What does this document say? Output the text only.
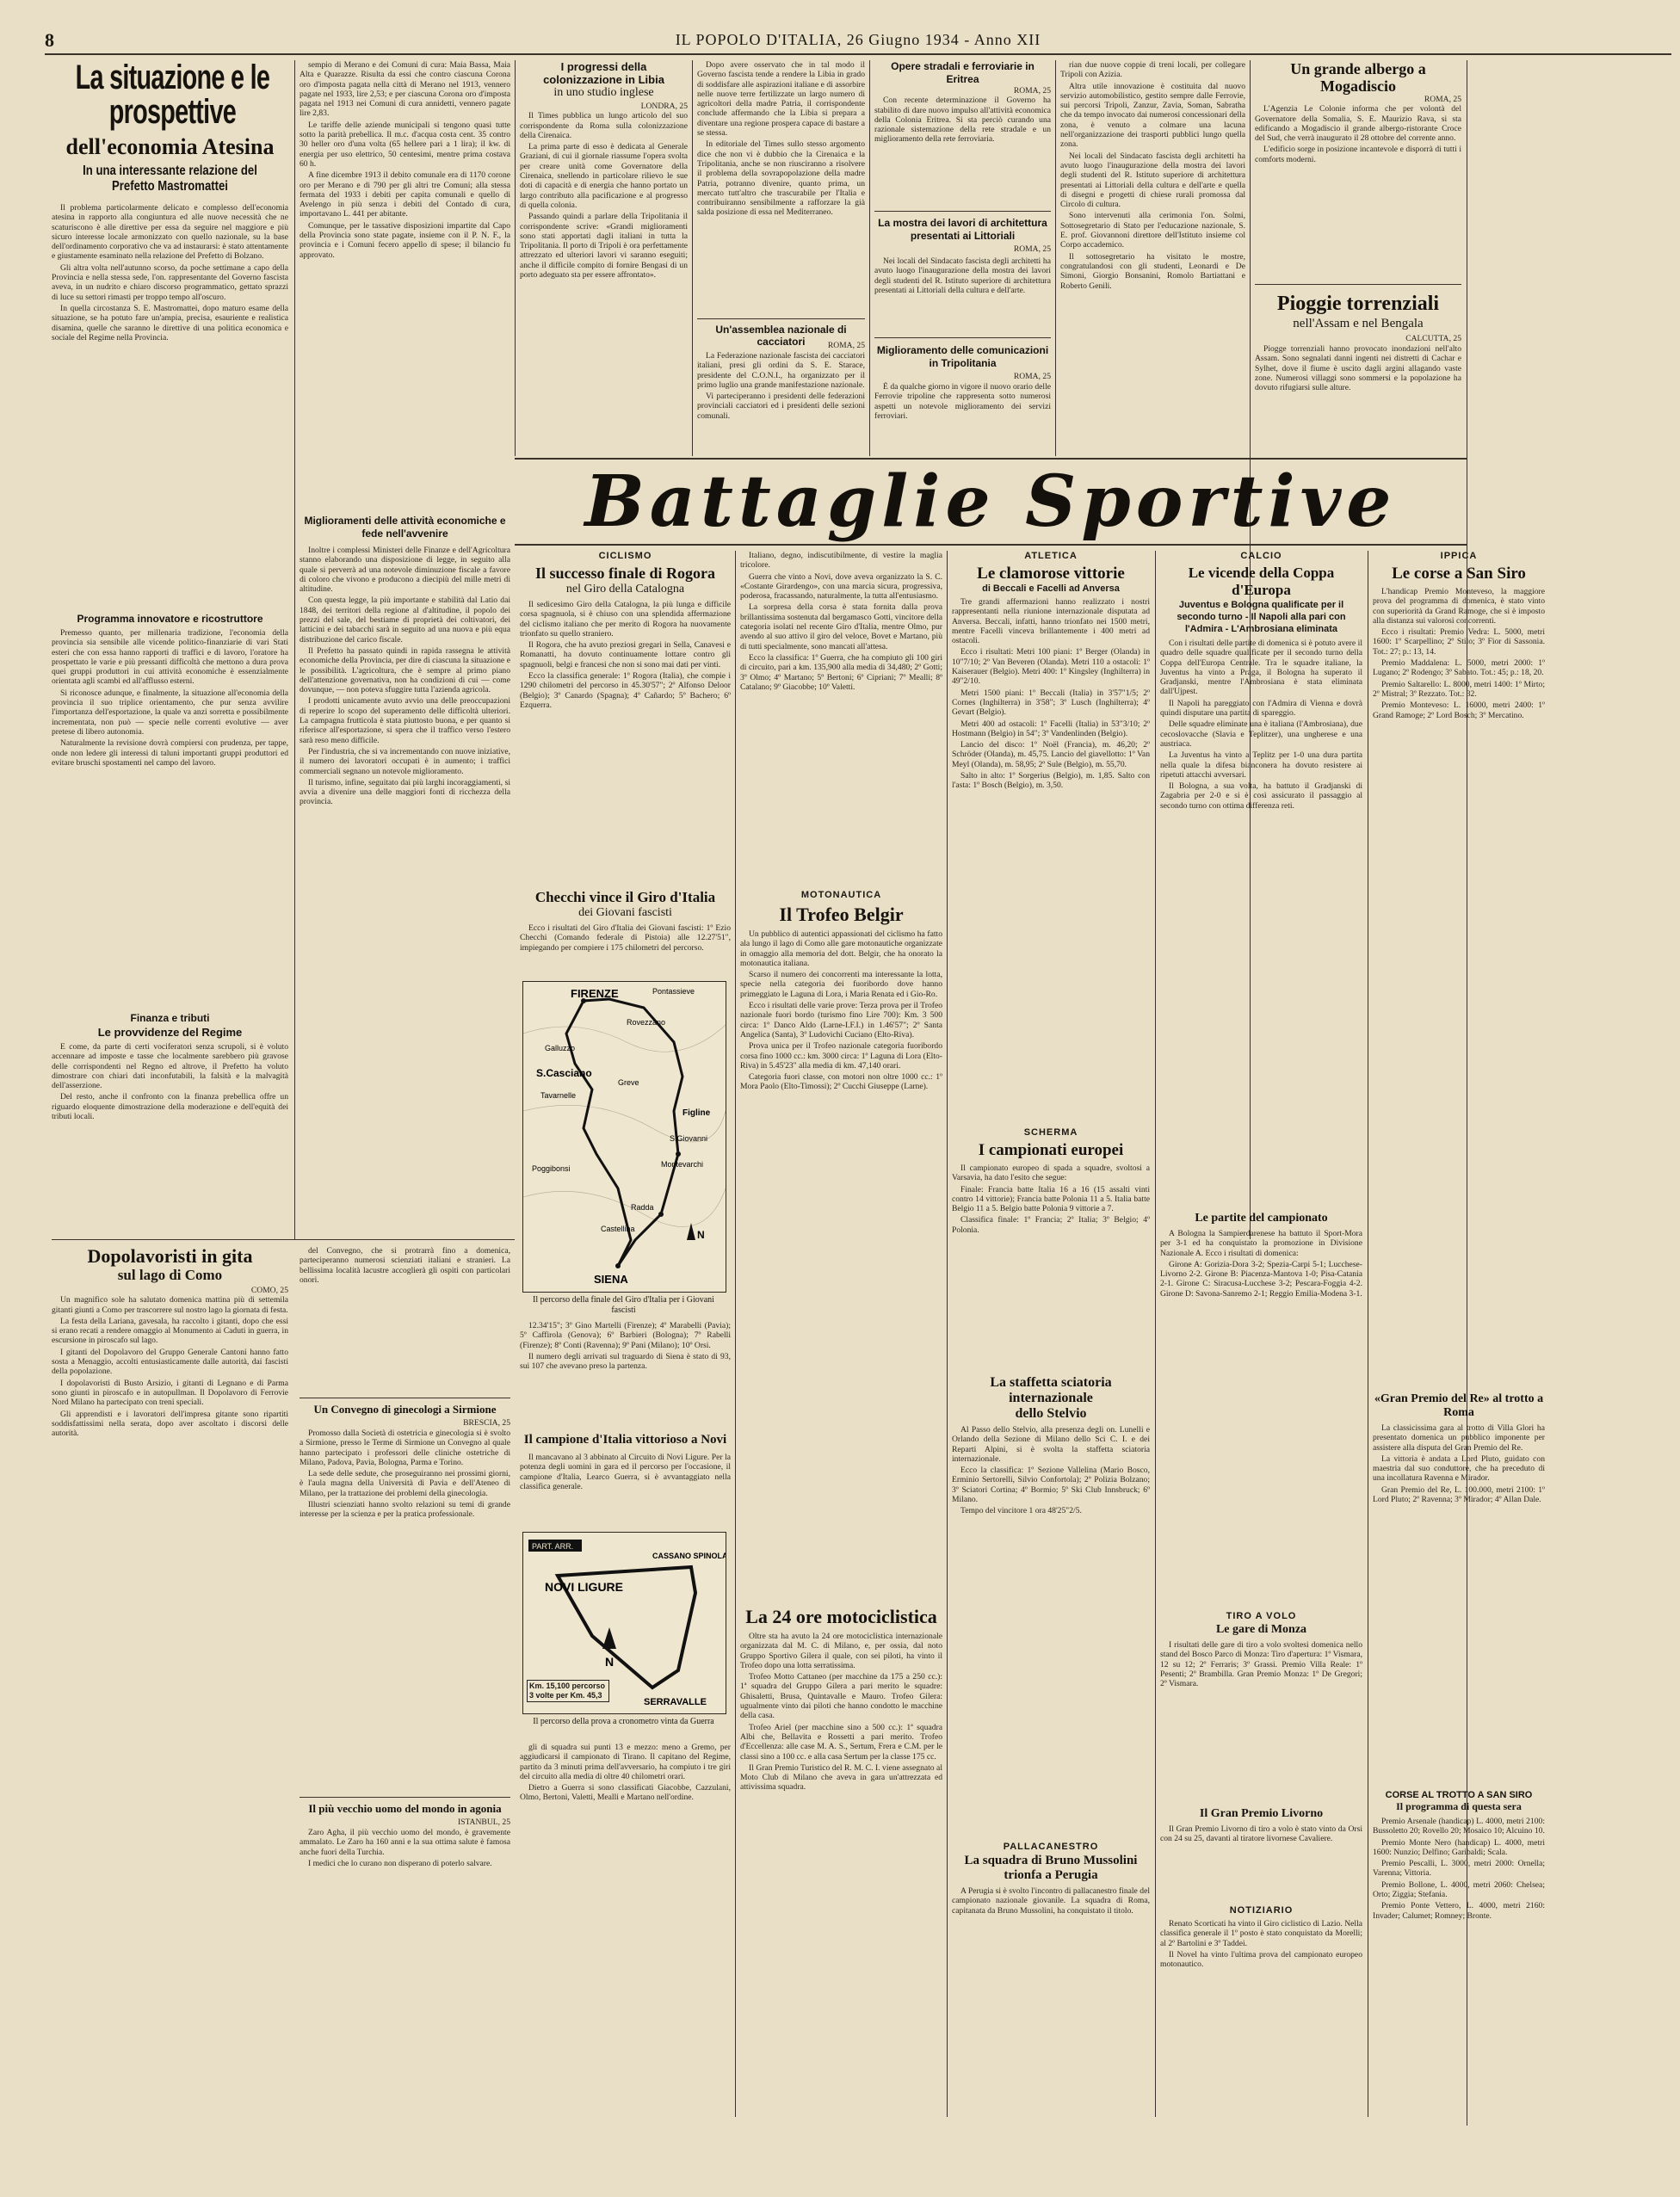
8	IL POPOLO D'ITALIA, 26 Giugno 1934 - Anno XII
La situazione e le prospettive
dell'economia Atesina
In una interessante relazione del Prefetto Mastromattei

Il problema particolarmente delicato e complesso dell'economia atesina in rapporto alla congiuntura ed alle nuove necessità che ne scaturiscono è alle direttive per essa da seguire nel maggiore e più sicuro interesse locale armonizzato con quello nazionale, su la base dell'ordinamento corporativo che va ad instaurarsi: è stato attentamente e giustamente esaminato nella relazione del Prefetto di Bolzano.

Gli altra volta nell'autunno scorso, da poche settimane a capo della Provincia e nella stessa sede, l'on. rappresentante del Governo fascista aveva, in un nudrito e chiaro discorso programmatico, gettato sprazzi di luce su settori rimasti per troppo tempo all'oscuro.

In quella circostanza S. E. Mastromattei, dopo maturo esame della situazione, se ha potuto fare un'ampia, precisa, esauriente e realistica disamina, quelle che saranno le direttive di una politica economica e sociale del Regime nella Provincia.

Programma innovatore e ricostruttore

Premesso quanto, per millenaria tradizione, l'economia della provincia sia sensibile alle vicende politico-finanziarie di vari Stati esteri che con essa hanno rapporti di traffici e di lavoro, l'oratore ha prospettato le varie e più pressanti difficoltà che mettono a dura prova quei gruppi produttori in cui attività economiche è essenzialmente orientata agli scambi ed all'afflusso esterni.

Si riconosce adunque, e finalmente, la situazione all'economia della provincia il suo triplice orientamento, che pur senza avvilire l'importanza dell'esportazione, la quale va anzi sorretta e possibilmente incrementata, non può — specie nelle correnti evolutive — aver pretese di libero autonomia.

Naturalmente la revisione dovrà compiersi con prudenza, per tappe, onde non ledere gli interessi di taluni importanti gruppi produttori ed evitare bruschi spostamenti nel campo del lavoro.

Finanza e tributi
Le provvidenze del Regime

E come, da parte di certi vociferatori senza scrupoli, si è voluto accennare ad imposte e tasse che localmente sarebbero più gravose delle corrispondenti nel Regno ed altrove, il Prefetto ha voluto dimostrare con chiari dati inconfutabili, la falsità e la malvagità dell'asserzione.

Del resto, anche il confronto con la finanza prebellica offre un riguardo eloquente dimostrazione della moderazione e dell'equità dei tributi locali.

sempio di Merano e dei Comuni di cura: Maia Bassa, Maia Alta e Quarazze. Risulta da essi che contro ciascuna Corona oro d'imposta pagata nella città di Merano nel 1913, vennero pagate nel 1933, lire 2,53; e per ciascuna Corona oro d'imposta pagata nel 1913 nei Comuni di cura annidetti, vennero pagate lire 2,83.

Le tariffe delle aziende municipali si tengono quasi tutte sotto la parità prebellica. Il m.c. d'acqua costa cent. 35 contro 30 heller oro d'una volta (65 hellere pari a 1 lira); il kw. di energia per uso elettrico, 50 centesimi, mentre prima costava 60 h.

A fine dicembre 1913 il debito comunale era di 1170 corone oro per Merano e di 790 per gli altri tre Comuni; alla stessa fermata del 1933 i debiti per capita comunali e quello di Avelengo in più senza i debiti del Contado di cura, importavano L. 441 per abitante.

Comunque, per le tassative disposizioni impartite dal Capo della Provincia sono state pagate, insieme con il P. N. F., la provincia e i Comuni fecero appello di spese; il bilancio fu approvato.

Miglioramenti delle attività economiche e fede nell'avvenire

Inoltre i complessi Ministeri delle Finanze e dell'Agricoltura stanno elaborando una disposizione di legge, in seguito alla quale si perverrà ad una notevole diminuzione fiscale a favore di coloro che vivono e producono a diecipiù del mille metri di altitudine.

Con questa legge, la più importante e stabilità dal Latio dai 1848, dei territori della regione al d'altitudine, il popolo dei prezzi del sale, del bestiame di proprietà dei coltivatori, dei latticini e dei tabacchi sarà in seguito ad una nuova e più equa distribuzione del carico fiscale.

Il Prefetto ha passato quindi in rapida rassegna le attività economiche della Provincia, per dire di ciascuna la situazione e le possibilità. L'agricoltura, che è sempre al primo piano dell'attenzione governativa, non ha condizioni di cui — come dovunque, — non poteva sfuggire tutta l'azienda agricola.

I prodotti unicamente avuto avvio una delle preoccupazioni di reperire lo scopo del superamento delle difficoltà ulteriori. La campagna frutticola è stata piuttosto buona, e per quanto si riferisce all'esportazione, si spera che il traffico verso l'estero sarà reso meno difficile.

Per l'industria, che si va incrementando con nuove iniziative, il numero dei lavoratori occupati è in aumento; i traffici commerciali segnano un notevole miglioramento.

Il turismo, infine, seguitato dai più larghi incoraggiamenti, si avvia a divenire una delle maggiori fonti di ricchezza della provincia.

I progressi della colonizzazione in Libia
in uno studio inglese
LONDRA, 25

Il Times pubblica un lungo articolo del suo corrispondente da Roma sulla colonizzazione della Cirenaica.

La prima parte di esso è dedicata al Generale Graziani, di cui il giornale riassume l'opera svolta per creare unità come Governatore della Cirenaica, snellendo in particolare rilievo le sue doti di capacità e di energia che hanno portato un largo contributo alla pacificazione e al progresso di quella colonia.

Passando quindi a parlare della Tripolitania il corrispondente scrive: «Grandi miglioramenti sono stati apportati dagli italiani in tutta la Tripolitania. Il porto di Tripoli è ora perfettamente attrezzato ed ulteriori lavori vi saranno eseguiti; anche il difficile compito di fornire Bengasi di un porto adeguato sta per essere affrontato».

Dopo avere osservato che in tal modo il Governo fascista tende a rendere la Libia in grado di soddisfare alle aspirazioni italiane e di assorbire nelle nuove terre fertilizzate un largo numero di agricoltori della madre Patria, il corrispondente conclude affermando che la Libia si prepara a diventare una regione prospera capace di bastare a se stessa.

In editoriale del Times sullo stesso argomento dice che non vi è dubbio che la Cirenaica e la Tripolitania, anche se non riusciranno a risolvere il problema della sovrapopolazione della madre Patria, potranno divenire, quanto prima, un mercato tutt'altro che trascurabile per l'Italia e contribuiranno sensibilmente a rafforzare la già salda posizione di essa nel Mediterraneo.

Un'assemblea nazionale di cacciatori	ROMA, 25

La Federazione nazionale fascista dei cacciatori italiani, presi gli ordini da S. E. Starace, presidente del C.O.N.I., ha organizzato per il primo luglio una grande manifestazione nazionale.

Vi parteciperanno i presidenti delle federazioni provinciali cacciatori ed i presidenti delle sezioni comunali.

Opere stradali e ferroviarie in Eritrea
ROMA, 25

Con recente determinazione il Governo ha stabilito di dare nuovo impulso all'attività economica della Colonia Eritrea. Si sta perciò curando una razionale sistemazione della rete stradale e un miglioramento della rete ferroviaria.

La mostra dei lavori di architettura presentati ai Littoriali
ROMA, 25

Nei locali del Sindacato fascista degli architetti ha avuto luogo l'inaugurazione della mostra dei lavori degli studenti del R. Istituto superiore di architettura presentati ai Littoriali della cultura e dell'arte.

Miglioramento delle comunicazioni in Tripolitania
ROMA, 25

È da qualche giorno in vigore il nuovo orario delle Ferrovie tripoline che rappresenta sotto numerosi aspetti un notevole miglioramento dei servizi ferroviari.

rian due nuove coppie di treni locali, per collegare Tripoli con Azizia.

Altra utile innovazione è costituita dal nuovo servizio automobilistico, gestito sempre dalle Ferrovie, sui percorsi Tripoli, Zanzur, Zavia, Soman, Sabratha che da tempo invocato dai numerosi concessionari della zona, è venuto a colmare una lacuna nell'organizzazione dei trasporti pubblici lungo quella zona.

Nei locali del Sindacato fascista degli architetti ha avuto luogo l'inaugurazione della mostra dei lavori degli studenti del R. Istituto superiore di architettura presentati ai Littoriali della cultura e dell'arte e quella di disegni e progetti di chiese rurali promossa dal Circolo di cultura.

Sono intervenuti alla cerimonia l'on. Solmi, Sottosegretario di Stato per l'educazione nazionale, S. E. prof. Giovannoni direttore dell'Istituto insieme col Corpo accademico.

Il sottosegretario ha visitato le mostre, congratulandosi con gli studenti, Leonardi e De Simoni, Giorgio Bonsanini, Romolo Bartiattani e Roberto Genili.

Un grande albergo a Mogadiscio
ROMA, 25

L'Agenzia Le Colonie informa che per volontà del Governatore della Somalia, S. E. Maurizio Rava, si sta edificando a Mogadiscio il grande albergo-ristorante Croce del Sud, che verrà inaugurato il 28 ottobre del corrente anno.

L'edificio sorge in posizione incantevole e disporrà di tutti i comforts moderni.

Pioggie torrenziali
nell'Assam e nel Bengala
CALCUTTA, 25

Piogge torrenziali hanno provocato inondazioni nell'alto Assam. Sono segnalati danni ingenti nei distretti di Cachar e Sylhet, dove il fiume è uscito dagli argini allagando vaste zone. Numerosi villaggi sono sommersi e la popolazione ha dovuto rifugiarsi sulle alture.

Battaglie Sportive
CICLISMO
Il successo finale di Rogora
nel Giro della Catalogna

Il sedicesimo Giro della Catalogna, la più lunga e difficile corsa spagnuola, si è chiuso con una splendida affermazione del ciclismo italiano che per merito di Rogora ha nuovamente trionfato su quello straniero.

Il Rogora, che ha avuto preziosi gregari in Sella, Canavesi e Romanatti, ha dovuto continuamente lottare contro gli spagnuoli, belgi e francesi che non si sono mai dati per vinti.

Ecco la classifica generale: 1º Rogora (Italia), che compie i 1290 chilometri del percorso in 45.30'57"; 2º Alfonso Deloor (Belgio); 3º Canardo (Spagna); 4º Cañardo; 5º Bachero; 6º Ezquerra.

Checchi vince il Giro d'Italia
dei Giovani fascisti

Ecco i risultati del Giro d'Italia dei Giovani fascisti: 1º Ezio Checchi (Comando federale di Pistoia) alle 12.27'51", impiegando per compiere i 175 chilometri del percorso.

FIRENZE	Pontassieve
Rovezzano
Galluzzo
Tavarnelle
Poggibonsi
S.Casciano
Greve
Figline
Montevarchi
Radda
Castellina
SIENA
S.Giovanni
N
Il percorso della finale del Giro d'Italia per i Giovani fascisti

12.34'15"; 3º Gino Martelli (Firenze); 4º Marabelli (Pavia); 5º Caffirola (Genova); 6º Barbieri (Bologna); 7º Rabelli (Firenze); 8º Conti (Ravenna); 9º Pani (Milano); 10º Orsi.

Il numero degli arrivati sul traguardo di Siena è stato di 93, sui 107 che avevano preso la partenza.

Il campione d'Italia vittorioso a Novi

Il mancavano al 3 abbinato al Circuito di Novi Ligure. Per la potenza degli uomini in gara ed il percorso per l'occasione, il campione d'Italia, Learco Guerra, si è avvantaggiato nella classifica generale.

PART. ARR.
NOVI LIGURE
CASSANO SPINOLA
SERRAVALLE
N
Km. 15,100 percorso 3 volte per Km. 45,3
Il percorso della prova a cronometro vinta da Guerra

gli di squadra sui punti 13 e mezzo: meno a Gremo, per aggiudicarsi il campionato di Tirano. Il capitano del Regime, partito da 3 minuti prima dell'avversario, ha compiuto i tre giri del circuito alla media di oltre 40 chilometri orari.

Dietro a Guerra si sono classificati Giacobbe, Cazzulani, Olmo, Bertoni, Valetti, Mealli e Martano nell'ordine.

Italiano, degno, indiscutibilmente, di vestire la maglia tricolore.

Guerra che vinto a Novi, dove aveva organizzato la S. C. «Costante Girardengo», con una marcia sicura, progressiva, poderosa, fracassando, naturalmente, la tutta all'entusiasmo.

La sorpresa della corsa è stata fornita dalla prova brillantissima sostenuta dal bergamasco Gotti, vincitore della categoria isolati nel recente Giro d'Italia, mentre Olmo, pur avendo al suo attivo il giro del veloce, Bovet e Martano, più di tutti specialmente, sono mancati all'attesa.

Ecco la classifica: 1º Guerra, che ha compiuto gli 100 giri di circuito, pari a km. 135,900 alla media di 34,480; 2º Gotti; 3º Olmo; 4º Martano; 5º Bertoni; 6º Cipriani; 7º Mealli; 8º Catalano; 9º Giacobbe; 10º Valetti.

MOTONAUTICA
Il Trofeo Belgir

Un pubblico di autentici appassionati del ciclismo ha fatto ala lungo il lago di Como alle gare motonautiche organizzate in omaggio alla memoria del dott. Belgir, che ha onorato la motonautica italiana.

Scarso il numero dei concorrenti ma interessante la lotta, specie nella categoria dei fuoribordo dove hanno primeggiato le Laguna di Lora, i Maria Renata ed i Gio-Ro.

Ecco i risultati delle varie prove: Terza prova per il Trofeo nazionale fuori bordo (turismo fino Lire 700): Km. 3 500 circa: 1º Danco Aldo (Larne-I.F.I.) in 1.46'57"; 2º Santa Angelica (Santa), 3º Ludovichi Cuciano (Elto-Riva).

Prova unica per il Trofeo nazionale categoria fuoribordo corsa fino 1000 cc.: km. 3000 circa: 1º Laguna di Lora (Elto-Riva) in 5.45'23" alla media di km. 47,140 orari.

Categoria fuori classe, con motori non oltre 1000 cc.: 1º Mora Paolo (Elto-Timossi); 2º Cucchi Giuseppe (Larne).

La 24 ore motociclistica

Oltre sta ha avuto la 24 ore motociclistica internazionale organizzata dal M. C. di Milano, e, per ossia, dal noto Gruppo Sportivo Gilera il quale, con sei piloti, ha vinto il Trofeo dopo una lotta serratissima.

Trofeo Motto Cattaneo (per macchine da 175 a 250 cc.): 1ª squadra del Gruppo Gilera a pari merito le squadre: Ghisaletti, Brusa, Quintavalle e Mauro. Trofeo Gilera: ugualmente vinto dai piloti che hanno condotto le macchine della casa.

Trofeo Ariel (per macchine sino a 500 cc.): 1ª squadra Albi che, Bellavita e Rossetti a pari merito. Trofeo d'Eccellenza: alle case M. A. S., Sertum, Frera e C.M. per le classi sino a 100 cc. e alla casa Sertum per la classe 175 cc.

Il Gran Premio Turistico del R. M. C. I. viene assegnato al Moto Club di Milano che aveva in gara un'attrezzata ed attivissima squadra.

ATLETICA
Le clamorose vittorie
di Beccali e Facelli ad Anversa

Tre grandi affermazioni hanno realizzato i nostri rappresentanti nella riunione internazionale disputata ad Anversa. Beccali, infatti, hanno trionfato nei 1500 metri, mentre Facelli vinceva brillantemente i 400 metri ad ostacoli.

Ecco i risultati: Metri 100 piani: 1º Berger (Olanda) in 10"7/10; 2º Van Beveren (Olanda). Metri 110 a ostacoli: 1º Kaiserauer (Belgio). Metri 400: 1º Kingsley (Inghilterra) in 49"2/10.

Metri 1500 piani: 1º Beccali (Italia) in 3'57"1/5; 2º Cornes (Inghilterra) in 3'58"; 3º Lusch (Inghilterra); 4º Gevart (Belgio).

Metri 400 ad ostacoli: 1º Facelli (Italia) in 53"3/10; 2º Hostmann (Belgio) in 54"; 3º Vandenlinden (Belgio).

Lancio del disco: 1º Noël (Francia), m. 46,20; 2º Schröder (Olanda), m. 45,75. Lancio del giavellotto: 1º Van Meyl (Olanda), m. 58,95; 2º Sule (Belgio), m. 55,70.

Salto in alto: 1º Sorgerius (Belgio), m. 1,85. Salto con l'asta: 1º Bosch (Belgio), m. 3,50.

SCHERMA
I campionati europei

Il campionato europeo di spada a squadre, svoltosi a Varsavia, ha dato l'esito che segue:

Finale: Francia batte Italia 16 a 16 (15 assalti vinti contro 14 vittorie); Francia batte Polonia 11 a 5. Italia batte Belgio 11 a 5. Belgio batte Polonia 9 vittorie a 7.

Classifica finale: 1º Francia; 2º Italia; 3º Belgio; 4º Polonia.

La staffetta sciatoria internazionale
dello Stelvio

Al Passo dello Stelvio, alla presenza degli on. Lunelli e Orlando della Sezione di Milano dello Sci C. I. e dei Reparti Alpini, si è svolta la staffetta sciatoria internazionale.

Ecco la classifica: 1º Sezione Vallelina (Mario Bosco, Erminio Sertorelli, Silvio Confortola); 2º Polizia Bolzano; 3º Sciatori Cortina; 4º Bormio; 5º Ski Club Innsbruck; 6º Milano.

Tempo del vincitore 1 ora 48'25"2/5.

PALLACANESTRO
La squadra di Bruno Mussolini
trionfa a Perugia

A Perugia si è svolto l'incontro di pallacanestro finale del campionato nazionale giovanile. La squadra di Roma, capitanata da Bruno Mussolini, ha conquistato il titolo.

CALCIO
Le vicende della Coppa d'Europa
Juventus e Bologna qualificate per il secondo turno - Il Napoli alla pari con l'Admira - L'Ambrosiana eliminata

Con i risultati delle partite di domenica si è potuto avere il quadro delle squadre qualificate per il secondo turno della Coppa dell'Europa Centrale. Tra le squadre italiane, la Juventus ha vinto a Praga, il Bologna ha superato il Gradjanski, mentre l'Ambrosiana è stata eliminata dall'Ujpest.

Il Napoli ha pareggiato con l'Admira di Vienna e dovrà quindi disputare una partita di spareggio.

Delle squadre eliminate una è italiana (l'Ambrosiana), due cecoslovacche (Slavia e Teplitzer), una ungherese e una austriaca.

La Juventus ha vinto a Teplitz per 1-0 una dura partita nella quale la difesa bianconera ha dovuto resistere ai ripetuti attacchi avversari.

Il Bologna, a sua volta, ha battuto il Gradjanski di Zagabria per 2-0 e si è così assicurato il passaggio al secondo turno con ottima differenza reti.

Le partite del campionato

A Bologna la Sampierdarenese ha battuto il Sport-Mora per 3-1 ed ha conquistato la promozione in Divisione Nazionale A. Ecco i risultati di domenica:

Girone A: Gorizia-Dora 3-2; Spezia-Carpi 5-1; Lucchese-Livorno 2-2. Girone B: Piacenza-Mantova 1-0; Pisa-Catania 2-1. Girone C: Siracusa-Lucchese 3-2; Pescara-Foggia 4-2. Girone D: Savona-Sanremo 2-1; Reggio Emilia-Modena 3-1.

TIRO A VOLO
Le gare di Monza

I risultati delle gare di tiro a volo svoltesi domenica nello stand del Bosco Parco di Monza: Tiro d'apertura: 1º Vismara, 12 su 12; 2º Ferraris; 3º Grassi. Premio Villa Reale: 1º Pesenti; 2º Brambilla. Gran Premio Monza: 1º De Gregori; 2º Vismara.

Il Gran Premio Livorno

Il Gran Premio Livorno di tiro a volo è stato vinto da Orsi con 24 su 25, davanti al tiratore livornese Cavaliere.

NOTIZIARIO

Renato Scorticati ha vinto il Giro ciclistico di Lazio. Nella classifica generale il 1º posto è stato conquistato da Morelli; al 2º Bartolini e 3º Taddei.

Il Novel ha vinto l'ultima prova del campionato europeo motonautico.

IPPICA
Le corse a San Siro

L'handicap Premio Monteveso, la maggiore prova del programma di domenica, è stato vinto con superiorità da Grand Ramoge, che si è imposto alla distanza sui valorosi concorrenti.

Ecco i risultati: Premio Vedra: L. 5000, metri 1600: 1º Scarpellino; 2º Stilo; 3º Fior di Sassonia. Tot.: 27; p.: 13, 14.

Premio Maddalena: L. 5000, metri 2000: 1º Lugano; 2º Rodengo; 3º Sabato. Tot.: 45; p.: 18, 20.

Premio Saltarello: L. 8000, metri 1400: 1º Mirto; 2º Mistral; 3º Rezzato. Tot.: 32.

Premio Monteveso: L. 16000, metri 2400: 1º Grand Ramoge; 2º Lord Bosch; 3º Mercatino.

«Gran Premio del Re» al trotto a Roma

La classicissima gara al trotto di Villa Glori ha presentato domenica un pubblico imponente per assistere alla disputa del Gran Premio del Re.

La vittoria è andata a Lord Pluto, guidato con maestria dal suo conduttore, che ha preceduto di una incollatura Ravenna e Mirador.

Gran Premio del Re, L. 100.000, metri 2100: 1º Lord Pluto; 2º Ravenna; 3º Mirador; 4º Allan Dale.

CORSE AL TROTTO A SAN SIRO
Il programma di questa sera

Premio Arsenale (handicap) L. 4000, metri 2100: Bussoletto 20; Rovello 20; Mosaico 10; Alcuino 10.

Premio Monte Nero (handicap) L. 4000, metri 1600: Nunzio; Delfino; Garibaldi; Scala.

Premio Pescalli, L. 3000, metri 2000: Ornella; Varenna; Vittoria.

Premio Bollone, L. 4000, metri 2060: Chelsea; Orto; Ziggia; Stefania.

Premio Ponte Vettero, L. 4000, metri 2160: Invader; Calumet; Romney; Bronte.

Dopolavoristi in gita
sul lago di Como
COMO, 25

Un magnifico sole ha salutato domenica mattina più di settemila gitanti giunti a Como per trascorrere sul nostro lago la giornata di festa.

La festa della Lariana, gavesala, ha raccolto i gitanti, dopo che essi si erano recati a rendere omaggio al Monumento ai Caduti in guerra, in escursione in piroscafo sul lago.

I gitanti del Dopolavoro del Gruppo Generale Cantoni hanno fatto sosta a Menaggio, accolti entusiasticamente dalle autorità, dai fascisti della popolazione.

I dopolavoristi di Busto Arsizio, i gitanti di Legnano e di Parma sono giunti in piroscafo e in autopullman. Il Dopolavoro di Ferrovie Nord Milano ha partecipato con treni speciali.

Gli apprendisti e i lavoratori dell'impresa gitante sono ripartiti soddisfattissimi nella serata, dopo aver ascoltato i discorsi delle autorità.

del Convegno, che si protrarrà fino a domenica, parteciperanno numerosi scienziati italiani e stranieri. La bellissima località lacustre accoglierà gli ospiti con particolari onori.

Un Convegno di ginecologi a Sirmione
BRESCIA, 25

Promosso dalla Società di ostetricia e ginecologia si è svolto a Sirmione, presso le Terme di Sirmione un Convegno al quale hanno partecipato i professori delle cliniche ostetriche di Milano, Padova, Pavia, Bologna, Parma e Torino.

La sede delle sedute, che proseguiranno nei prossimi giorni, è l'aula magna della Università di Pavia e dell'Ateneo di Milano, per la trattazione dei problemi della ginecologia.

Illustri scienziati hanno svolto relazioni su temi di grande interesse per la scienza e per la pratica professionale.

Il più vecchio uomo del mondo in agonia
ISTANBUL, 25

Zaro Agha, il più vecchio uomo del mondo, è gravemente ammalato. Le Zaro ha 160 anni e la sua ottima salute è famosa anche fuori della Turchia.

I medici che lo curano non disperano di poterlo salvare.
